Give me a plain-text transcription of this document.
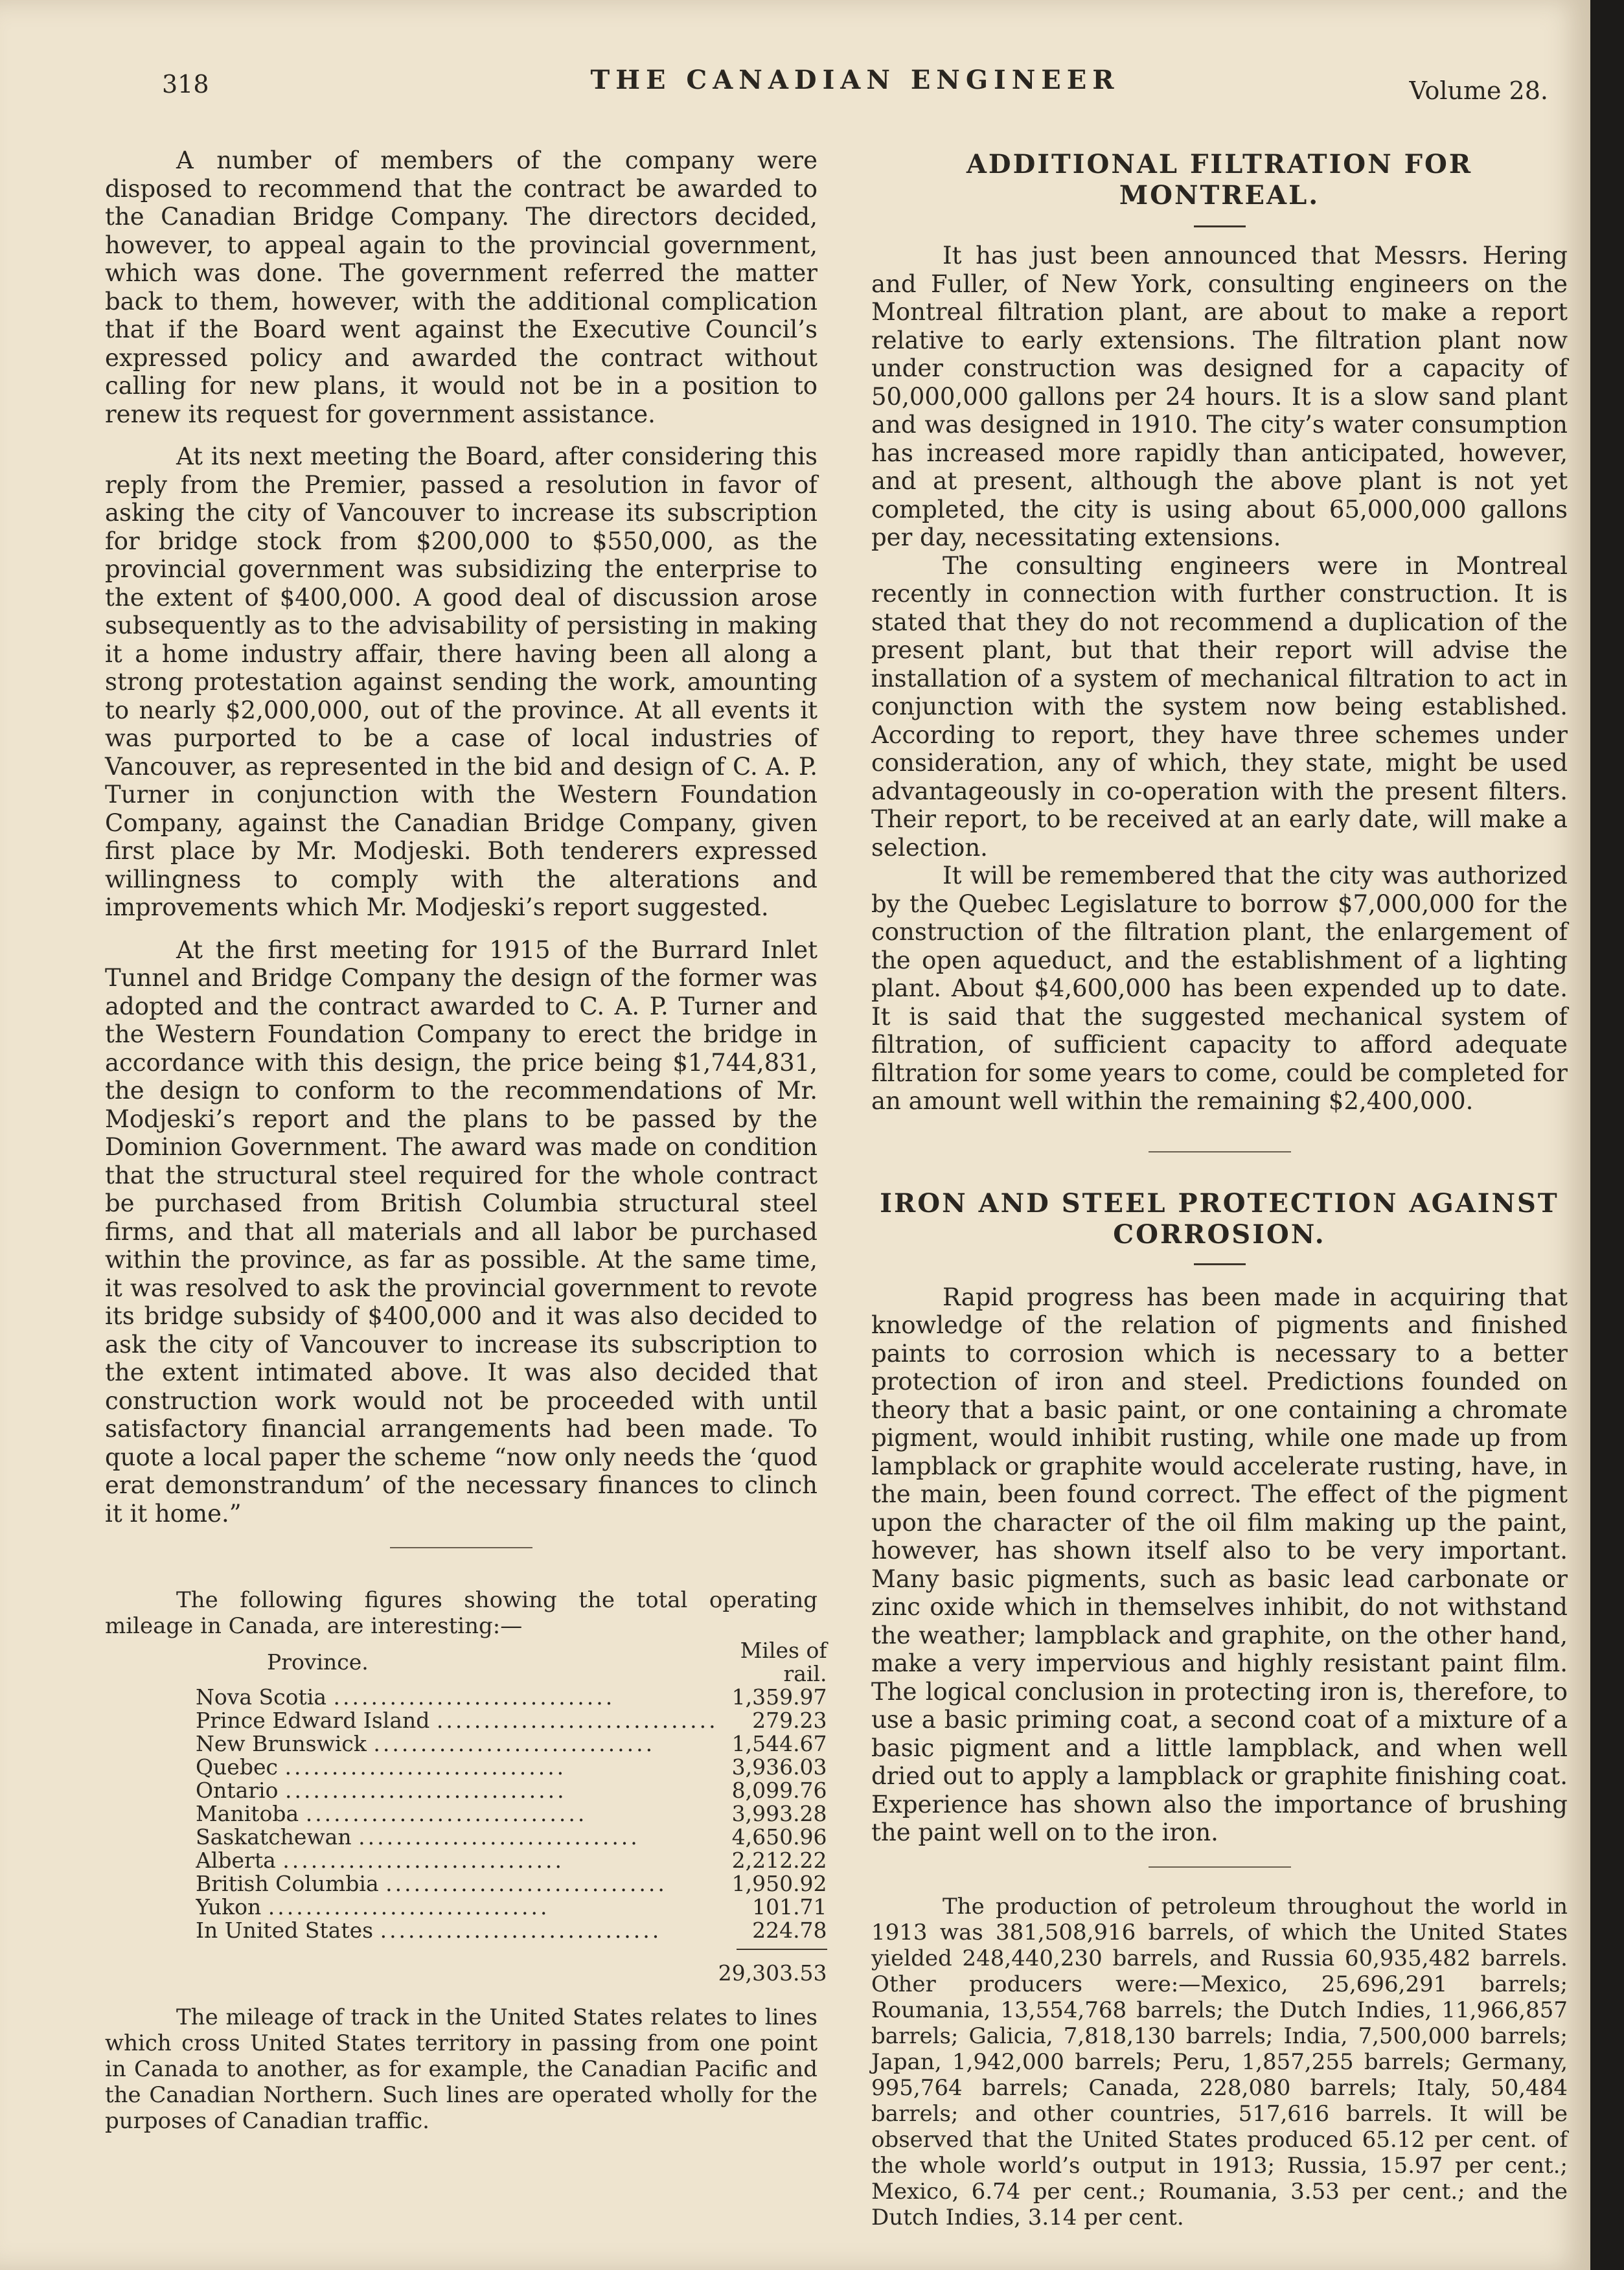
318	THE CANADIAN ENGINEER	Volume 28.

A number of members of the company were disposed to recommend that the contract be awarded to the Canadian Bridge Company. The directors decided, however, to appeal again to the provincial government, which was done. The government referred the matter back to them, however, with the additional complication that if the Board went against the Executive Council’s expressed policy and awarded the contract without calling for new plans, it would not be in a position to renew its request for government assistance.

At its next meeting the Board, after considering this reply from the Premier, passed a resolution in favor of asking the city of Vancouver to increase its subscription for bridge stock from $200,000 to $550,000, as the provincial government was subsidizing the enterprise to the extent of $400,000. A good deal of discussion arose subsequently as to the advisability of persisting in making it a home industry affair, there having been all along a strong protestation against sending the work, amounting to nearly $2,000,000, out of the province. At all events it was purported to be a case of local industries of Vancouver, as represented in the bid and design of C. A. P. Turner in conjunction with the Western Foundation Company, against the Canadian Bridge Company, given first place by Mr. Modjeski. Both tenderers expressed willingness to comply with the alterations and improvements which Mr. Modjeski’s report suggested.

At the first meeting for 1915 of the Burrard Inlet Tunnel and Bridge Company the design of the former was adopted and the contract awarded to C. A. P. Turner and the Western Foundation Company to erect the bridge in accordance with this design, the price being $1,744,831, the design to conform to the recommendations of Mr. Modjeski’s report and the plans to be passed by the Dominion Government. The award was made on condition that the structural steel required for the whole contract be purchased from British Columbia structural steel firms, and that all materials and all labor be purchased within the province, as far as possible. At the same time, it was resolved to ask the provincial government to revote its bridge subsidy of $400,000 and it was also decided to ask the city of Vancouver to increase its subscription to the extent intimated above. It was also decided that construction work would not be proceeded with until satisfactory financial arrangements had been made. To quote a local paper the scheme “now only needs the ‘quod erat demonstrandum’ of the necessary finances to clinch it it home.”

The following figures showing the total operating mileage in Canada, are interesting:—

Province.	Miles of rail.
Nova Scotia ..............................	1,359.97
Prince Edward Island ..............................	279.23
New Brunswick ..............................	1,544.67
Quebec ..............................	3,936.03
Ontario ..............................	8,099.76
Manitoba ..............................	3,993.28
Saskatchewan ..............................	4,650.96
Alberta ..............................	2,212.22
British Columbia ..............................	1,950.92
Yukon ..............................	101.71
In United States ..............................	224.78

29,303.53

The mileage of track in the United States relates to lines which cross United States territory in passing from one point in Canada to another, as for example, the Canadian Pacific and the Canadian Northern. Such lines are operated wholly for the purposes of Canadian traffic.

ADDITIONAL FILTRATION FOR MONTREAL.

It has just been announced that Messrs. Hering and Fuller, of New York, consulting engineers on the Montreal filtration plant, are about to make a report relative to early extensions. The filtration plant now under construction was designed for a capacity of 50,000,000 gallons per 24 hours. It is a slow sand plant and was designed in 1910. The city’s water consumption has increased more rapidly than anticipated, however, and at present, although the above plant is not yet completed, the city is using about 65,000,000 gallons per day, necessitating extensions.

The consulting engineers were in Montreal recently in connection with further construction. It is stated that they do not recommend a duplication of the present plant, but that their report will advise the installation of a system of mechanical filtration to act in conjunction with the system now being established. According to report, they have three schemes under consideration, any of which, they state, might be used advantageously in co-operation with the present filters. Their report, to be received at an early date, will make a selection.

It will be remembered that the city was authorized by the Quebec Legislature to borrow $7,000,000 for the construction of the filtration plant, the enlargement of the open aqueduct, and the establishment of a lighting plant. About $4,600,000 has been expended up to date. It is said that the suggested mechanical system of filtration, of sufficient capacity to afford adequate filtration for some years to come, could be completed for an amount well within the remaining $2,400,000.

IRON AND STEEL PROTECTION AGAINST
CORROSION.

Rapid progress has been made in acquiring that knowledge of the relation of pigments and finished paints to corrosion which is necessary to a better protection of iron and steel. Predictions founded on theory that a basic paint, or one containing a chromate pigment, would inhibit rusting, while one made up from lampblack or graphite would accelerate rusting, have, in the main, been found correct. The effect of the pigment upon the character of the oil film making up the paint, however, has shown itself also to be very important. Many basic pigments, such as basic lead carbonate or zinc oxide which in themselves inhibit, do not withstand the weather; lampblack and graphite, on the other hand, make a very impervious and highly resistant paint film. The logical conclusion in protecting iron is, therefore, to use a basic priming coat, a second coat of a mixture of a basic pigment and a little lampblack, and when well dried out to apply a lampblack or graphite finishing coat. Experience has shown also the importance of brushing the paint well on to the iron.

The production of petroleum throughout the world in 1913 was 381,508,916 barrels, of which the United States yielded 248,440,230 barrels, and Russia 60,935,482 barrels. Other producers were:—Mexico, 25,696,291 barrels; Roumania, 13,554,768 barrels; the Dutch Indies, 11,966,857 barrels; Galicia, 7,818,130 barrels; India, 7,500,000 barrels; Japan, 1,942,000 barrels; Peru, 1,857,255 barrels; Germany, 995,764 barrels; Canada, 228,080 barrels; Italy, 50,484 barrels; and other countries, 517,616 barrels. It will be observed that the United States produced 65.12 per cent. of the whole world’s output in 1913; Russia, 15.97 per cent.; Mexico, 6.74 per cent.; Roumania, 3.53 per cent.; and the Dutch Indies, 3.14 per cent.
